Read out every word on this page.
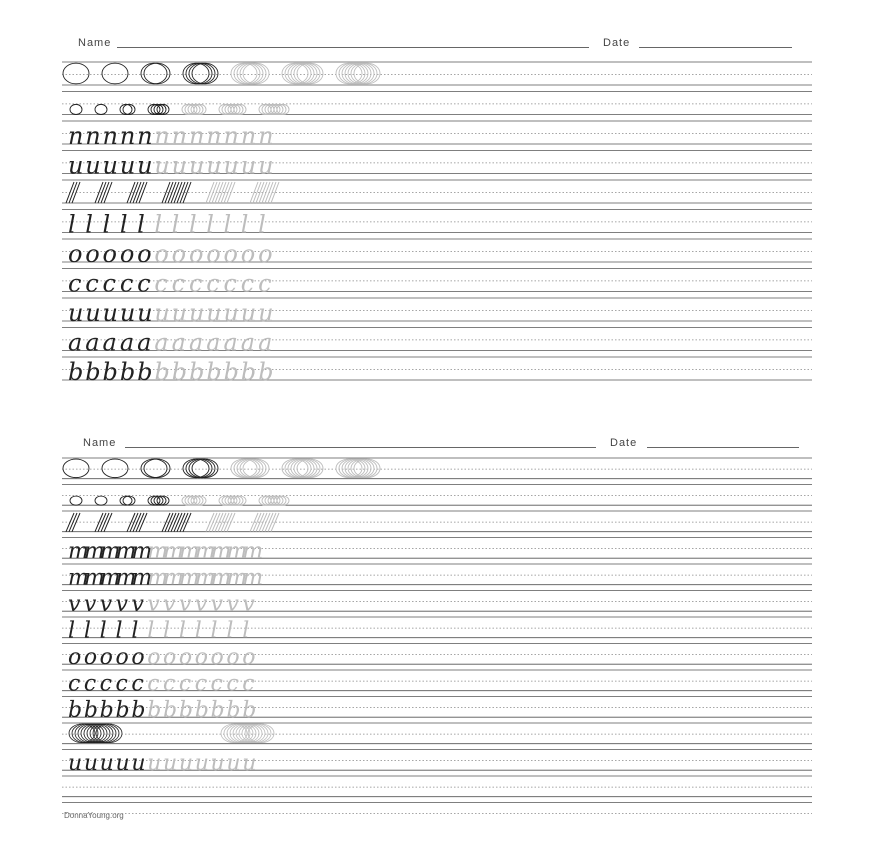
Name	Date
n n n n n n n n n n n n
u u u u u u u u u u u u
l l l l l l l l l l l l
o o o o o o o o o o o o
c c c c c c c c c c c c
u u u u u u u u u u u u
a a a a a a a a a a a a
b b b b b b b b b b b b
Name	Date
m
m
m
m
m
m
m
m
m
m
m
m
m
m
m
m
m
m
m
m
m
m
m
m
v v v v v v v v v v v v
l l l l l l l l l l l l
o o o o o o o o o o o o
c c c c c c c c c c c c
b b b b b b b b b b b b
u u u u u u u u u u u u
DonnaYoung.org
